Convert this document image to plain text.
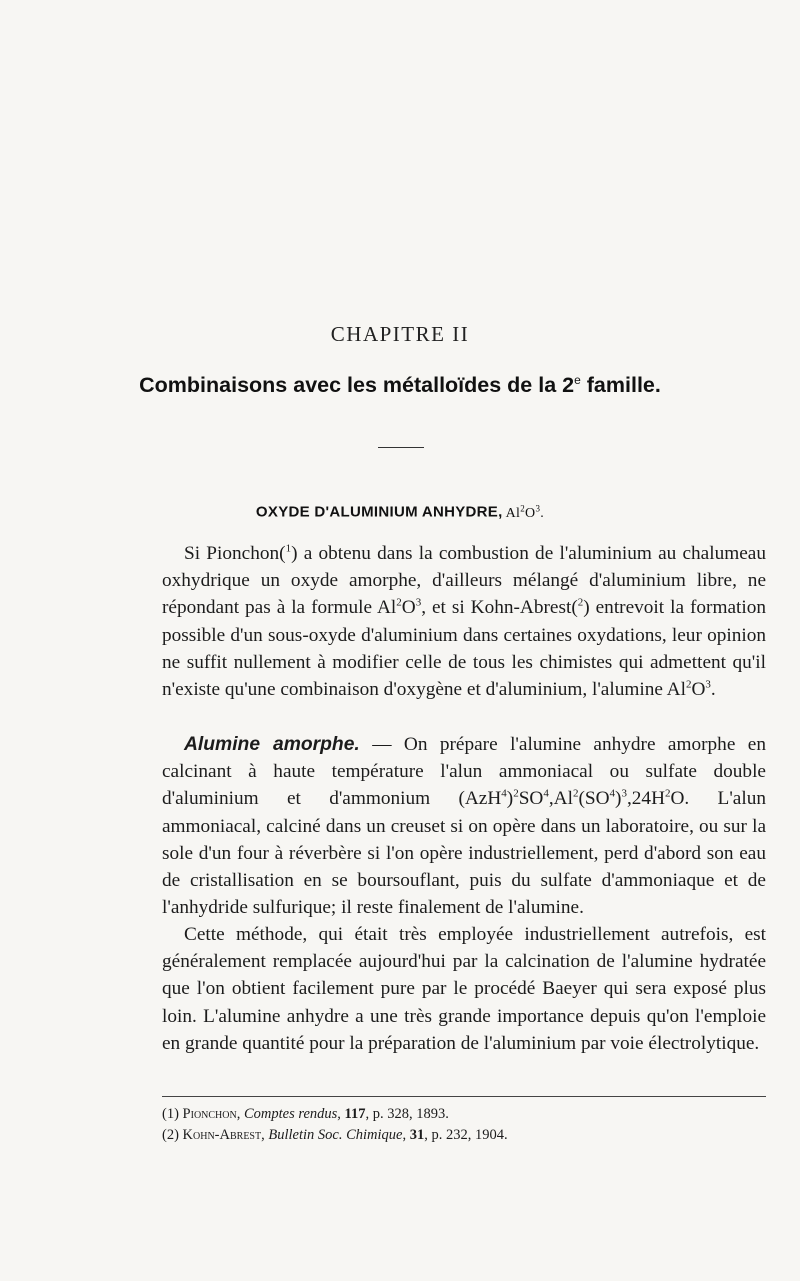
CHAPITRE II
Combinaisons avec les métalloïdes de la 2e famille.
OXYDE D'ALUMINIUM ANHYDRE, $Al^2O^3$.

Si Pionchon($^1$) a obtenu dans la combustion de l'aluminium au chalumeau oxhydrique un oxyde amorphe, d'ailleurs mélangé d'aluminium libre, ne répondant pas à la formule $Al^2O^3$, et si Kohn-Abrest($^2$) entrevoit la formation possible d'un sous-oxyde d'aluminium dans certaines oxydations, leur opinion ne suffit nullement à modifier celle de tous les chimistes qui admettent qu'il n'existe qu'une combinaison d'oxygène et d'aluminium, l'alumine $Al^2O^3$.

Alumine amorphe. — On prépare l'alumine anhydre amorphe en calcinant à haute température l'alun ammoniacal ou sulfate double d'aluminium et d'ammonium $(AzH^4)^2SO^4,Al^2(SO^4)^3,24H^2O$. L'alun ammoniacal, calciné dans un creuset si on opère dans un laboratoire, ou sur la sole d'un four à réverbère si l'on opère industriellement, perd d'abord son eau de cristallisation en se boursouflant, puis du sulfate d'ammoniaque et de l'anhydride sulfurique; il reste finalement de l'alumine.

Cette méthode, qui était très employée industriellement autrefois, est généralement remplacée aujourd'hui par la calcination de l'alumine hydratée que l'on obtient facilement pure par le procédé Baeyer qui sera exposé plus loin. L'alumine anhydre a une très grande importance depuis qu'on l'emploie en grande quantité pour la préparation de l'aluminium par voie électrolytique.

(1) Pionchon, Comptes rendus, 117, p. 328, 1893.
(2) Kohn-Abrest, Bulletin Soc. Chimique, 31, p. 232, 1904.
